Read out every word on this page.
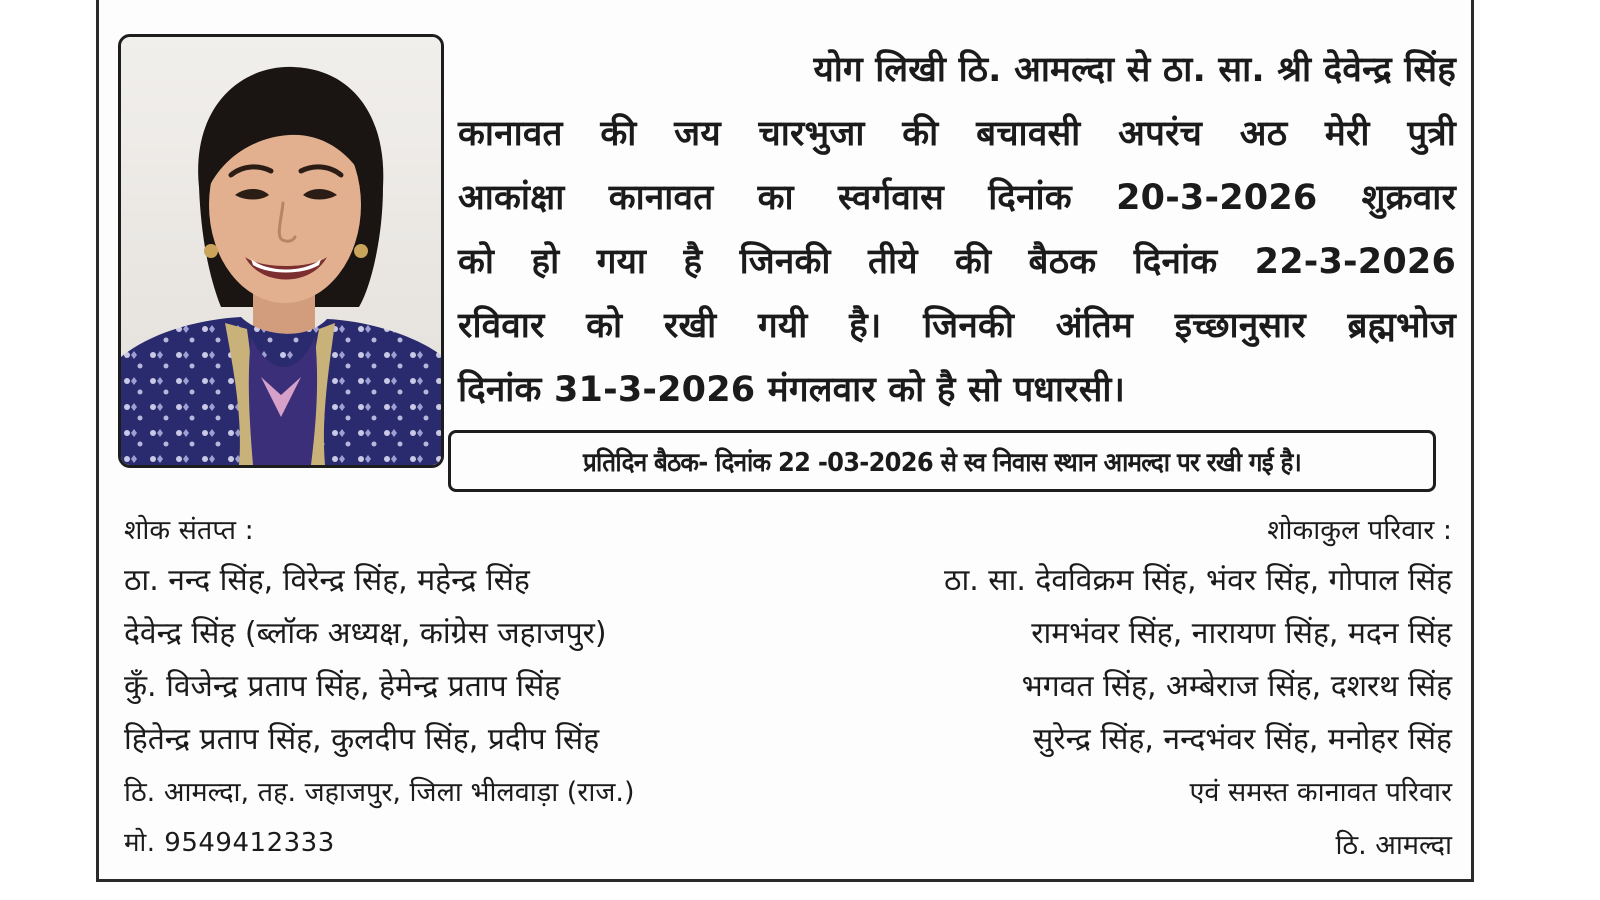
योग लिखी ठि. आमल्दा से ठा. सा. श्री देवेन्द्र सिंह
कानावत की जय चारभुजा की बचावसी अपरंच अठ मेरी पुत्री
आकांक्षा कानावत का स्वर्गवास दिनांक 20-3-2026 शुक्रवार
को हो गया है जिनकी तीये की बैठक दिनांक 22-3-2026
रविवार को रखी गयी है। जिनकी अंतिम इच्छानुसार ब्रह्मभोज
दिनांक 31-3-2026 मंगलवार को है सो पधारसी।
प्रतिदिन बैठक- दिनांक 22 -03-2026 से स्व निवास स्थान आमल्दा पर रखी गई है।
शोक संतप्त :
ठा. नन्द सिंह, विरेन्द्र सिंह, महेन्द्र सिंह
देवेन्द्र सिंह (ब्लॉक अध्यक्ष, कांग्रेस जहाजपुर)
कुँ. विजेन्द्र प्रताप सिंह, हेमेन्द्र प्रताप सिंह
हितेन्द्र प्रताप सिंह, कुलदीप सिंह, प्रदीप सिंह
ठि. आमल्दा, तह. जहाजपुर, जिला भीलवाड़ा (राज.)
मो. 9549412333
शोकाकुल परिवार :
ठा. सा. देवविक्रम सिंह, भंवर सिंह, गोपाल सिंह
रामभंवर सिंह, नारायण सिंह, मदन सिंह
भगवत सिंह, अम्बेराज सिंह, दशरथ सिंह
सुरेन्द्र सिंह, नन्दभंवर सिंह, मनोहर सिंह
एवं समस्त कानावत परिवार
ठि. आमल्दा
